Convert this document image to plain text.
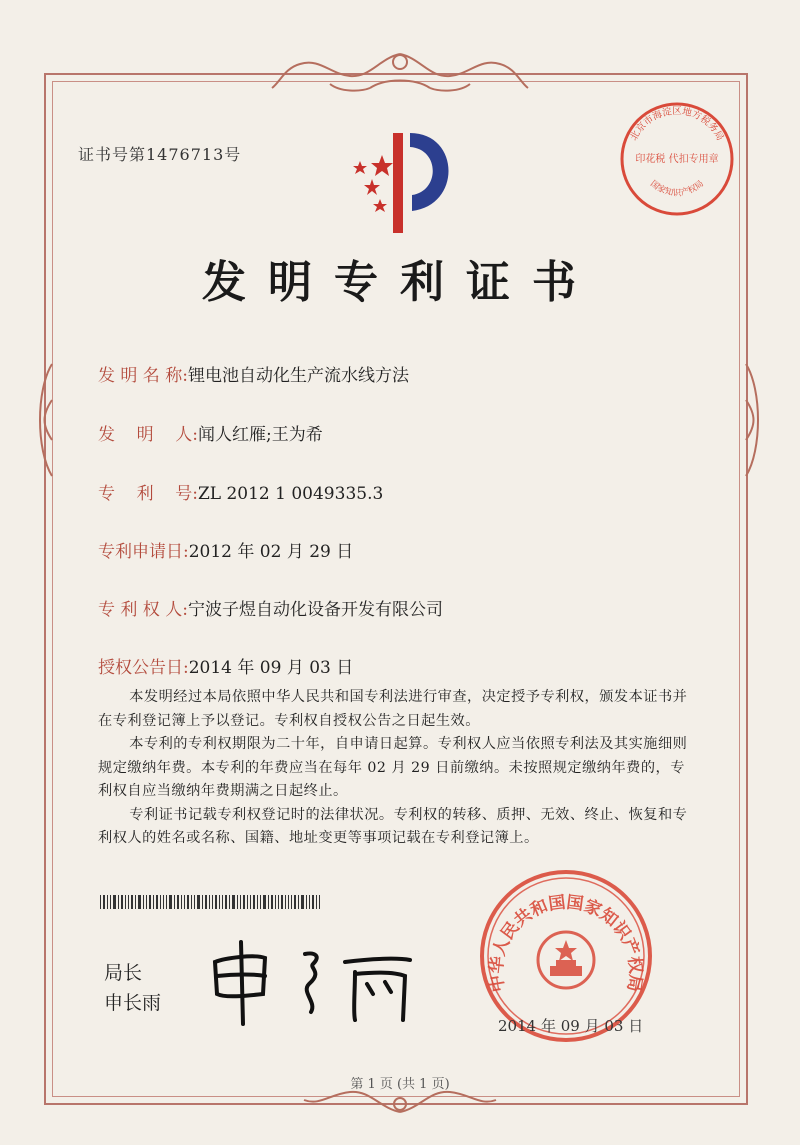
证书号第1476713号
北京市海淀区地方税务局
印花税 代扣专用章
国家知识产权局
发明专利证书
发 明 名 称:锂电池自动化生产流水线方法
发    明    人:闻人红雁;王为希
专    利    号:ZL 2012 1 0049335.3
专利申请日:2012 年 02 月 29 日
专 利 权 人:宁波子煜自动化设备开发有限公司
授权公告日:2014 年 09 月 03 日

本发明经过本局依照中华人民共和国专利法进行审查，决定授予专利权，颁发本证书并在专利登记簿上予以登记。专利权自授权公告之日起生效。

本专利的专利权期限为二十年，自申请日起算。专利权人应当依照专利法及其实施细则规定缴纳年费。本专利的年费应当在每年 02 月 29 日前缴纳。未按照规定缴纳年费的，专利权自应当缴纳年费期满之日起终止。

专利证书记载专利权登记时的法律状况。专利权的转移、质押、无效、终止、恢复和专利权人的姓名或名称、国籍、地址变更等事项记载在专利登记簿上。

局长
申长雨
中华人民共和国国家知识产权局
2014 年 09 月 03 日
第 1 页 (共 1 页)
